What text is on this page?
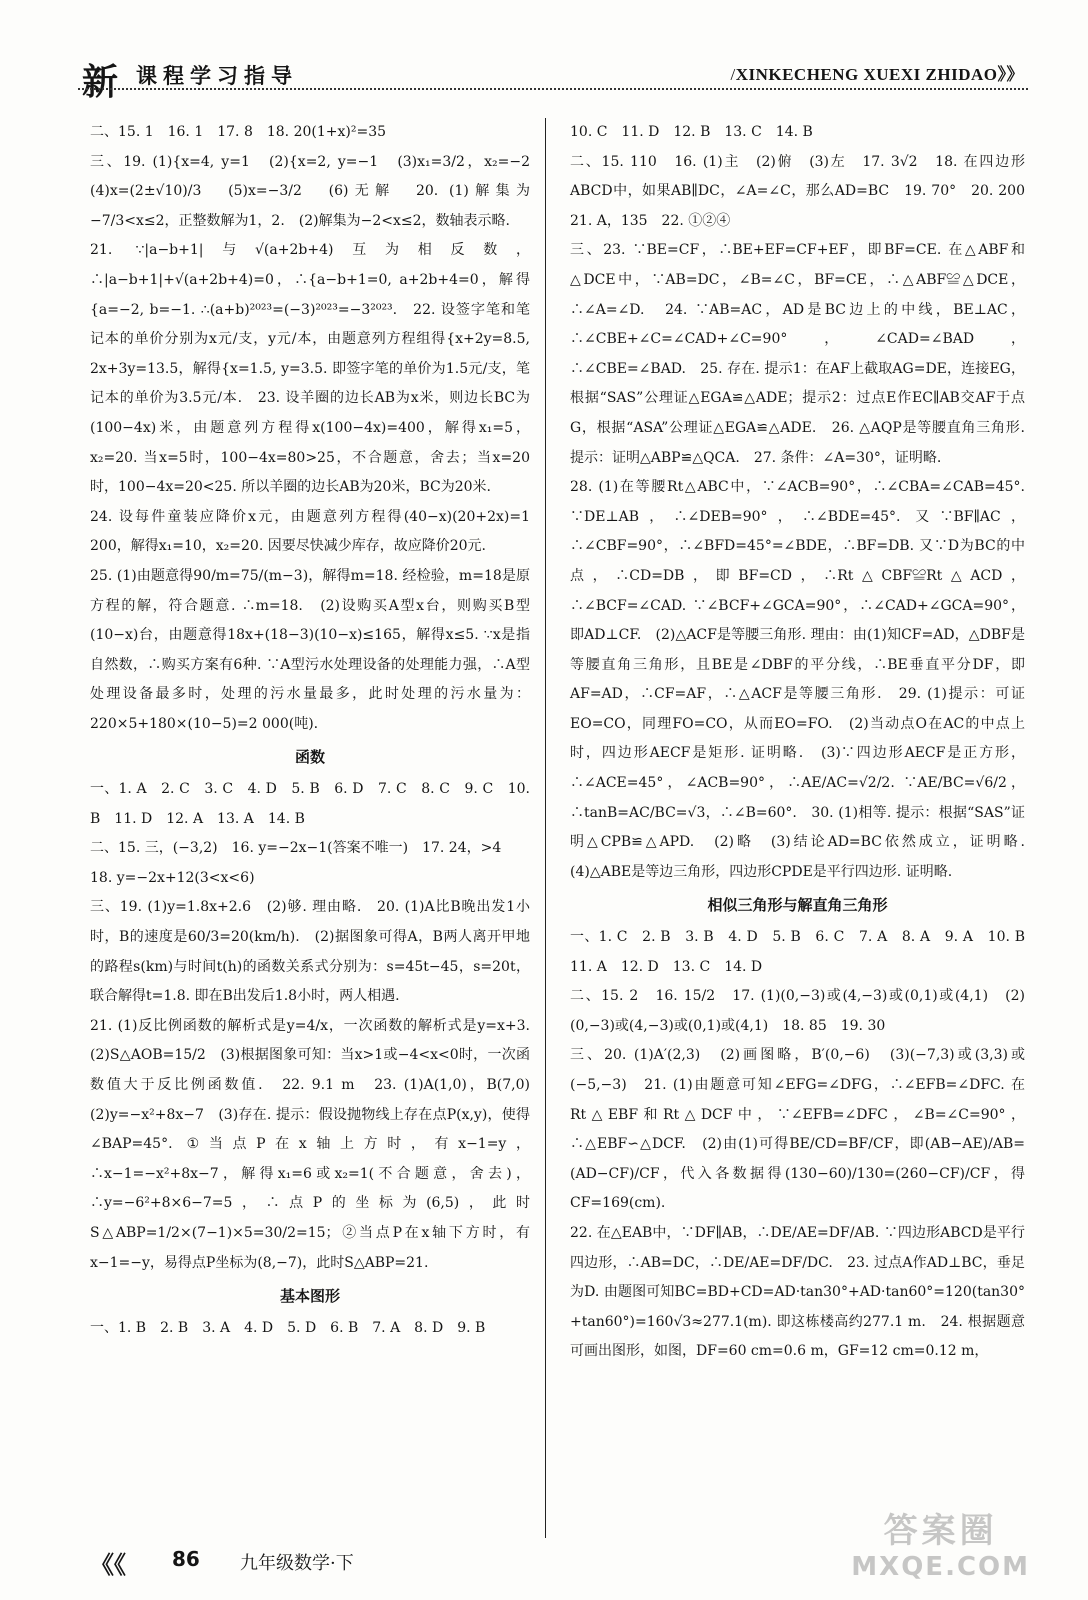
新 课程学习指导	/XINKECHENG XUEXI ZHIDAO》》

二、15. 1　16. 1　17. 8　18. 20(1+x)²=35

三、19. (1){x=4, y=1　(2){x=2, y=−1　(3)x₁=3/2，x₂=−2　(4)x=(2±√10)/3　(5)x=−3/2　(6)无解　20. (1)解集为−7/3<x≤2，正整数解为1，2.　(2)解集为−2<x≤2，数轴表示略.

21. ∵|a−b+1|与√(a+2b+4)互为相反数，∴|a−b+1|+√(a+2b+4)=0，∴{a−b+1=0, a+2b+4=0，解得{a=−2, b=−1. ∴(a+b)²⁰²³=(−3)²⁰²³=−3²⁰²³.　22. 设签字笔和笔记本的单价分别为x元/支，y元/本，由题意列方程组得{x+2y=8.5, 2x+3y=13.5，解得{x=1.5, y=3.5. 即签字笔的单价为1.5元/支，笔记本的单价为3.5元/本.　23. 设羊圈的边长AB为x米，则边长BC为(100−4x)米，由题意列方程得x(100−4x)=400，解得x₁=5，x₂=20. 当x=5时，100−4x=80>25，不合题意，舍去；当x=20时，100−4x=20<25. 所以羊圈的边长AB为20米，BC为20米.

24. 设每件童装应降价x元，由题意列方程得(40−x)(20+2x)=1 200，解得x₁=10，x₂=20. 因要尽快减少库存，故应降价20元.

25. (1)由题意得90/m=75/(m−3)，解得m=18. 经检验，m=18是原方程的解，符合题意. ∴m=18.　(2)设购买A型x台，则购买B型(10−x)台，由题意得18x+(18−3)(10−x)≤165，解得x≤5. ∵x是指自然数，∴购买方案有6种. ∵A型污水处理设备的处理能力强，∴A型处理设备最多时，处理的污水量最多，此时处理的污水量为：220×5+180×(10−5)=2 000(吨).

函数

一、1. A　2. C　3. C　4. D　5. B　6. D　7. C　8. C　9. C　10. B　11. D　12. A　13. A　14. B

二、15. 三，(−3,2)　16. y=−2x−1(答案不唯一)　17. 24，>4

18. y=−2x+12(3<x<6)

三、19. (1)y=1.8x+2.6　(2)够. 理由略.　20. (1)A比B晚出发1小时，B的速度是60/3=20(km/h).　(2)据图象可得A，B两人离开甲地的路程s(km)与时间t(h)的函数关系式分别为：s=45t−45，s=20t，联合解得t=1.8. 即在B出发后1.8小时，两人相遇.

21. (1)反比例函数的解析式是y=4/x，一次函数的解析式是y=x+3.　(2)S△AOB=15/2　(3)根据图象可知：当x>1或−4<x<0时，一次函数值大于反比例函数值.　22. 9.1 m　23. (1)A(1,0)，B(7,0)　(2)y=−x²+8x−7　(3)存在. 提示：假设抛物线上存在点P(x,y)，使得∠BAP=45°. ①当点P在x轴上方时，有x−1=y，∴x−1=−x²+8x−7，解得x₁=6或x₂=1(不合题意，舍去)，∴y=−6²+8×6−7=5，∴点P的坐标为(6,5)，此时S△ABP=1/2×(7−1)×5=30/2=15；②当点P在x轴下方时，有x−1=−y，易得点P坐标为(8,−7)，此时S△ABP=21.

基本图形

一、1. B　2. B　3. A　4. D　5. D　6. B　7. A　8. D　9. B

10. C　11. D　12. B　13. C　14. B

二、15. 110　16. (1)主　(2)俯　(3)左　17. 3√2　18. 在四边形ABCD中，如果AB∥DC，∠A=∠C，那么AD=BC　19. 70°　20. 200　21. A，135　22. ①②④

三、23. ∵BE=CF，∴BE+EF=CF+EF，即BF=CE. 在△ABF和△DCE中，∵AB=DC，∠B=∠C，BF=CE，∴△ABF≌△DCE，∴∠A=∠D.　24. ∵AB=AC，AD是BC边上的中线，BE⊥AC，∴∠CBE+∠C=∠CAD+∠C=90°，∠CAD=∠BAD，∴∠CBE=∠BAD.　25. 存在. 提示1：在AF上截取AG=DE，连接EG，根据“SAS”公理证△EGA≌△ADE；提示2：过点E作EC∥AB交AF于点G，根据“ASA”公理证△EGA≌△ADE.　26. △AQP是等腰直角三角形. 提示：证明△ABP≌△QCA.　27. 条件：∠A=30°，证明略.

28. (1)在等腰Rt△ABC中，∵∠ACB=90°，∴∠CBA=∠CAB=45°. ∵DE⊥AB，∴∠DEB=90°，∴∠BDE=45°. 又∵BF∥AC，∴∠CBF=90°，∴∠BFD=45°=∠BDE，∴BF=DB. 又∵D为BC的中点，∴CD=DB，即BF=CD，∴Rt△CBF≌Rt△ACD，∴∠BCF=∠CAD. ∵∠BCF+∠GCA=90°，∴∠CAD+∠GCA=90°，即AD⊥CF.　(2)△ACF是等腰三角形. 理由：由(1)知CF=AD，△DBF是等腰直角三角形，且BE是∠DBF的平分线，∴BE垂直平分DF，即AF=AD，∴CF=AF，∴△ACF是等腰三角形.　29. (1)提示：可证EO=CO，同理FO=CO，从而EO=FO.　(2)当动点O在AC的中点上时，四边形AECF是矩形. 证明略.　(3)∵四边形AECF是正方形，∴∠ACE=45°，∠ACB=90°，∴AE/AC=√2/2. ∵AE/BC=√6/2，∴tanB=AC/BC=√3，∴∠B=60°.　30. (1)相等. 提示：根据“SAS”证明△CPB≌△APD.　(2)略　(3)结论AD=BC依然成立，证明略.　(4)△ABE是等边三角形，四边形CPDE是平行四边形. 证明略.

相似三角形与解直角三角形

一、1. C　2. B　3. B　4. D　5. B　6. C　7. A　8. A　9. A　10. B　11. A　12. D　13. C　14. D

二、15. 2　16. 15/2　17. (1)(0,−3)或(4,−3)或(0,1)或(4,1)　(2)(0,−3)或(4,−3)或(0,1)或(4,1)　18. 85　19. 30

三、20. (1)A′(2,3)　(2)画图略，B′(0,−6)　(3)(−7,3)或(3,3)或(−5,−3)　21. (1)由题意可知∠EFG=∠DFG，∴∠EFB=∠DFC. 在Rt△EBF和Rt△DCF中，∵∠EFB=∠DFC，∠B=∠C=90°，∴△EBF∽△DCF.　(2)由(1)可得BE/CD=BF/CF，即(AB−AE)/AB=(AD−CF)/CF，代入各数据得(130−60)/130=(260−CF)/CF，得CF=169(cm).

22. 在△EAB中，∵DF∥AB，∴DE/AE=DF/AB. ∵四边形ABCD是平行四边形，∴AB=DC，∴DE/AE=DF/DC.　23. 过点A作AD⊥BC，垂足为D. 由题图可知BC=BD+CD=AD·tan30°+AD·tan60°=120(tan30°+tan60°)=160√3≈277.1(m). 即这栋楼高约277.1 m.　24. 根据题意可画出图形，如图，DF=60 cm=0.6 m，GF=12 cm=0.12 m，

《《 86 九年级数学·下
答案圈
MXQE.COM
